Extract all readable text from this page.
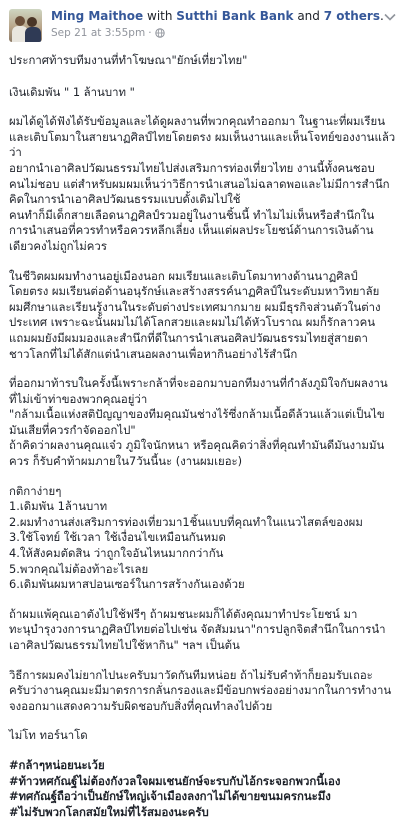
Ming Maithoe with Sutthi Bank Bank and 7 others.
Sep 21 at 3:55pm ·

ประกาศท้ารบทีมงานที่ทำโฆษณา"ยักษ์เที่ยวไทย"

เงินเดิมพัน " 1 ล้านบาท "

ผมได้ดูได้ฟังได้รับข้อมูลและได้ดูผลงานที่พวกคุณทำออกมา ในฐานะที่ผมเรียน

และเติบโตมาในสายนาฏศิลป์ไทยโดยตรง ผมเห็นงานและเห็นโจทย์ของงานแล้วว่า

อยากนำเอาศิลปวัฒนธรรมไทยไปส่งเสริมการท่องเที่ยวไทย งานนี้ทั้งคนชอบ

คนไม่ชอบ แต่สำหรับผมผมเห็นว่าวิธีการนำเสนอไม่ฉลาดพอและไม่มีการสำนึก

คิดในการนำเอาศิลปวัฒนธรรมแบบดั้งเดิมไปใช้

คนทำก็มีเด็กสายเลือดนาฏศิลป์รวมอยู่ในงานชิ้นนี้ ทำไมไม่เห็นหรือสำนึกใน

การนำเสนอที่ควรทำหรือควรหลีกเลี่ยง เห็นแต่ผลประโยชน์ด้านการเงินด้าน

เดียวคงไม่ถูกไม่ควร

ในชีวิตผมผมทำงานอยู่เมืองนอก ผมเรียนและเติบโตมาทางด้านนาฏศิลป์

โดยตรง ผมเรียนต่อด้านอนุรักษ์และสร้างสรรค์นาฏศิลป์ในระดับมหาวิทยาลัย

ผมศึกษาและเรียนรู้งานในระดับต่างประเทศมากมาย ผมมีธุรกิจส่วนตัวในต่าง

ประเทศ เพราะฉะนั้นผมไม่ได้โลกสวยและผมไม่ได้หัวโบราณ ผมก็รักลาวคน

แถมผมยังมีผมมองและสำนึกที่ดีในการนำเสนอศิลปวัฒนธรรมไทยสู่สายตา

ชาวโลกที่ไม่ได้สักแต่นำเสนอผลงานเพื่อหากินอย่างไร้สำนึก

ที่ออกมาท้ารบในครั้งนี้เพราะกล้าที่จะออกมาบอกทีมงานที่กำลังภูมิใจกับผลงาน

ที่ไม่เข้าท่าของพวกคุณอยู่ว่า

"กล้ามเนื้อแห่งสติปัญญาของทีมคุณมันช่างไร้ซึ่งกล้ามเนื้อดีล้วนแล้วแต่เป็นไข

มันเสียที่ควรกำจัดออกไป"

ถ้าคิดว่าผลงานคุณแจ๋ว ภูมิใจนักหนา หรือคุณคิดว่าสิ่งที่คุณทำมันดีมันงามมัน

ควร ก็รับคำท้าผมภายใน7วันนี้นะ (งานผมเยอะ)

กติกาง่ายๆ

1.เดิมพัน 1ล้านบาท

2.ผมทำงานส่งเสริมการท่องเที่ยวมา1ชิ้นแบบที่คุณทำในแนวไสตล์ของผม

3.ใช้โจทย์ ใช้เวลา ใช้เงื่อนไขเหมือนกันหมด

4.ให้สังคมตัดสิน ว่าถูกใจอันไหนมากกว่ากัน

5.พวกคุณไม่ต้องท้าอะไรเลย

6.เดิมพันผมหาสปอนเซอร์ในการสร้างกันเองด้วย

ถ้าผมแพ้คุณเอาตังไปใช้ฟรีๆ ถ้าผมชนะผมก็ได้ตังคุณมาทำประโยชน์ มา

ทะนุบำรุงวงการนาฏศิลป์ไทยต่อไปเช่น จัดสัมมนา"การปลูกจิตสำนึกในการนำ

เอาศิลปวัฒนธรรมไทยไปใช้หากิน" ฯลฯ เป็นต้น

วิธีการผมคงไม่ยากไปนะครับมาวัดกันทีมหน่อย ถ้าไม่รับคำท้าก็ยอมรับเถอะ

ครับว่างานคุณมะมีมาตรการกลั่นกรองและมีข้อบกพร่องอย่างมากในการทำงาน

จงออกมาแสดงความรับผิดชอบกับสิ่งที่คุณทำลงไปด้วย

ไม่โท ทอร์นาโด

#กล้าๆหน่อยนะเว้ย

#ท้าวหศกัณฐ์ไม่ต้องกังวลใจผมเชนยักษ์จะรบกับไอ้กระจอกพวกนี้เอง

#ทศกัณฐ์ถือว่าเป็นยักษ์ใหญ่เจ้าเมืองลงกาไม่ได้ขายขนมครกนะมึง

#ไม่รับพวกโลกสมัยใหม่ที่ไร้สมองนะครับ
